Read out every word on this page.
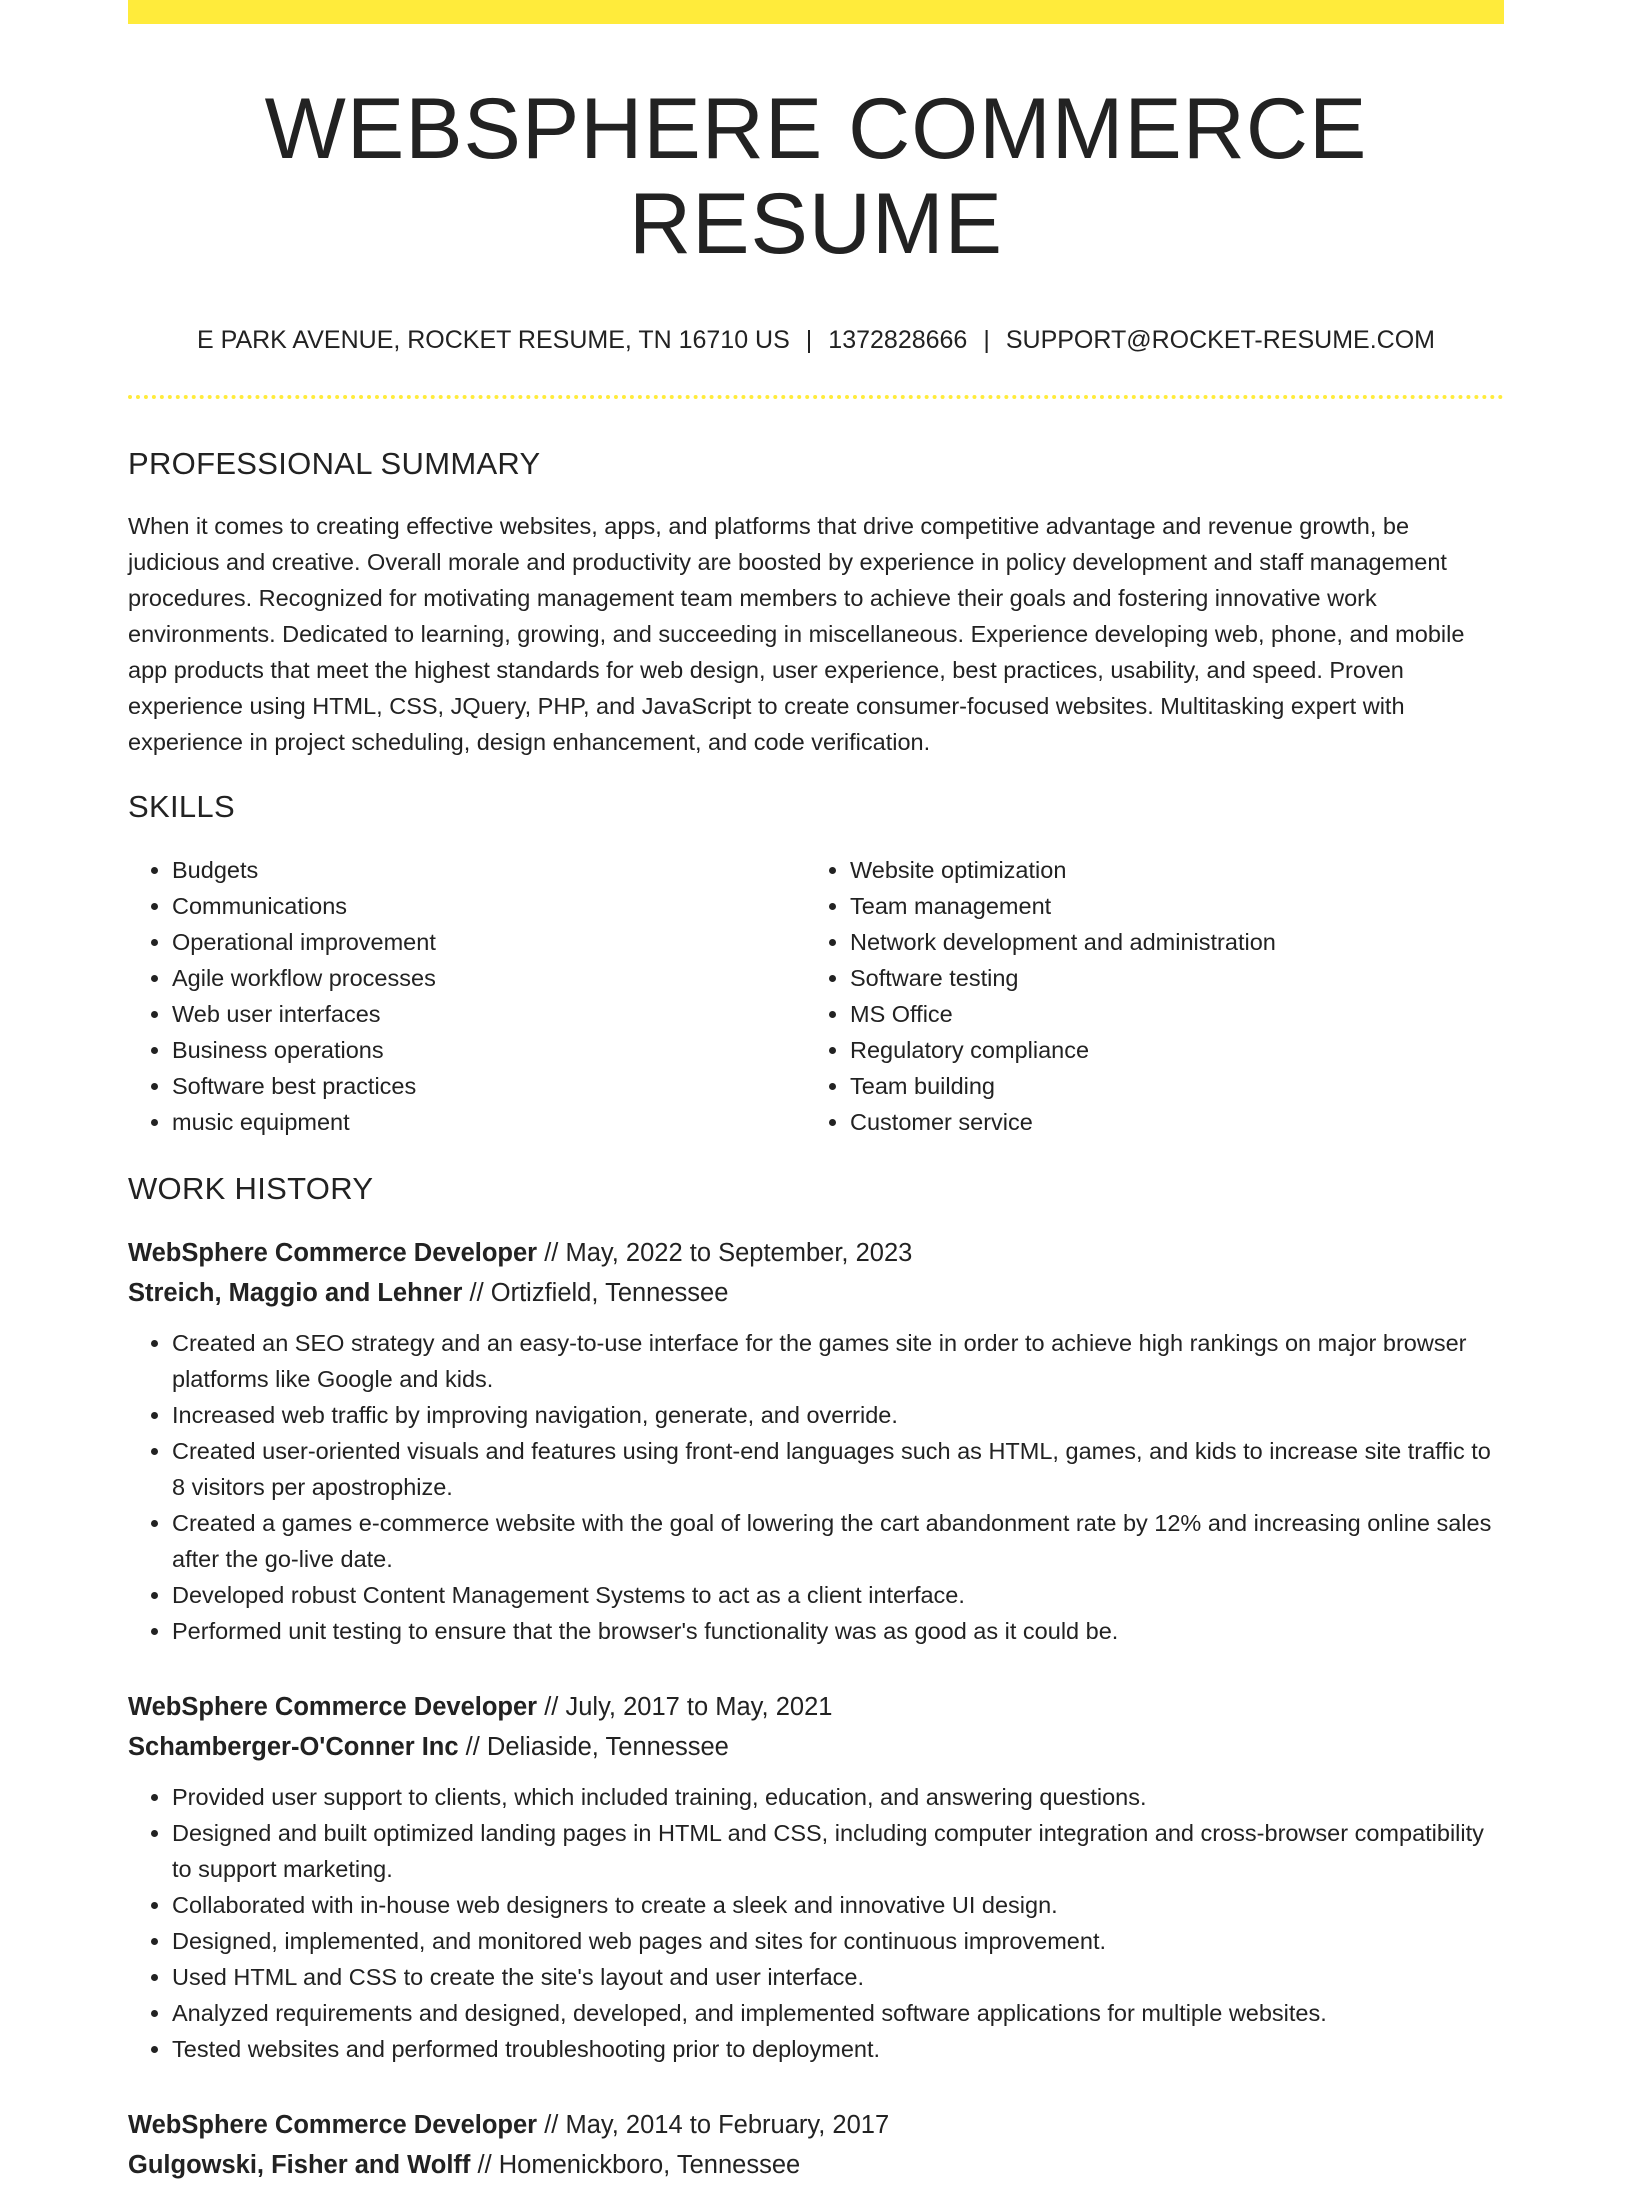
WEBSPHERE COMMERCE RESUME
E PARK AVENUE, ROCKET RESUME, TN 16710 US | 1372828666 | SUPPORT@ROCKET-RESUME.COM
PROFESSIONAL SUMMARY

When it comes to creating effective websites, apps, and platforms that drive competitive advantage and revenue growth, be judicious and creative. Overall morale and productivity are boosted by experience in policy development and staff management procedures. Recognized for motivating management team members to achieve their goals and fostering innovative work environments. Dedicated to learning, growing, and succeeding in miscellaneous. Experience developing web, phone, and mobile app products that meet the highest standards for web design, user experience, best practices, usability, and speed. Proven experience using HTML, CSS, JQuery, PHP, and JavaScript to create consumer-focused websites. Multitasking expert with experience in project scheduling, design enhancement, and code verification.

SKILLS
• Budgets
• Communications
• Operational improvement
• Agile workflow processes
• Web user interfaces
• Business operations
• Software best practices
• music equipment
• Website optimization
• Team management
• Network development and administration
• Software testing
• MS Office
• Regulatory compliance
• Team building
• Customer service
WORK HISTORY
WebSphere Commerce Developer // May, 2022 to September, 2023
Streich, Maggio and Lehner // Ortizfield, Tennessee
• Created an SEO strategy and an easy-to-use interface for the games site in order to achieve high rankings on major browser platforms like Google and kids.
• Increased web traffic by improving navigation, generate, and override.
• Created user-oriented visuals and features using front-end languages such as HTML, games, and kids to increase site traffic to 8 visitors per apostrophize.
• Created a games e-commerce website with the goal of lowering the cart abandonment rate by 12% and increasing online sales after the go-live date.
• Developed robust Content Management Systems to act as a client interface.
• Performed unit testing to ensure that the browser's functionality was as good as it could be.
WebSphere Commerce Developer // July, 2017 to May, 2021
Schamberger-O'Conner Inc // Deliaside, Tennessee
• Provided user support to clients, which included training, education, and answering questions.
• Designed and built optimized landing pages in HTML and CSS, including computer integration and cross-browser compatibility to support marketing.
• Collaborated with in-house web designers to create a sleek and innovative UI design.
• Designed, implemented, and monitored web pages and sites for continuous improvement.
• Used HTML and CSS to create the site's layout and user interface.
• Analyzed requirements and designed, developed, and implemented software applications for multiple websites.
• Tested websites and performed troubleshooting prior to deployment.
WebSphere Commerce Developer // May, 2014 to February, 2017
Gulgowski, Fisher and Wolff // Homenickboro, Tennessee
